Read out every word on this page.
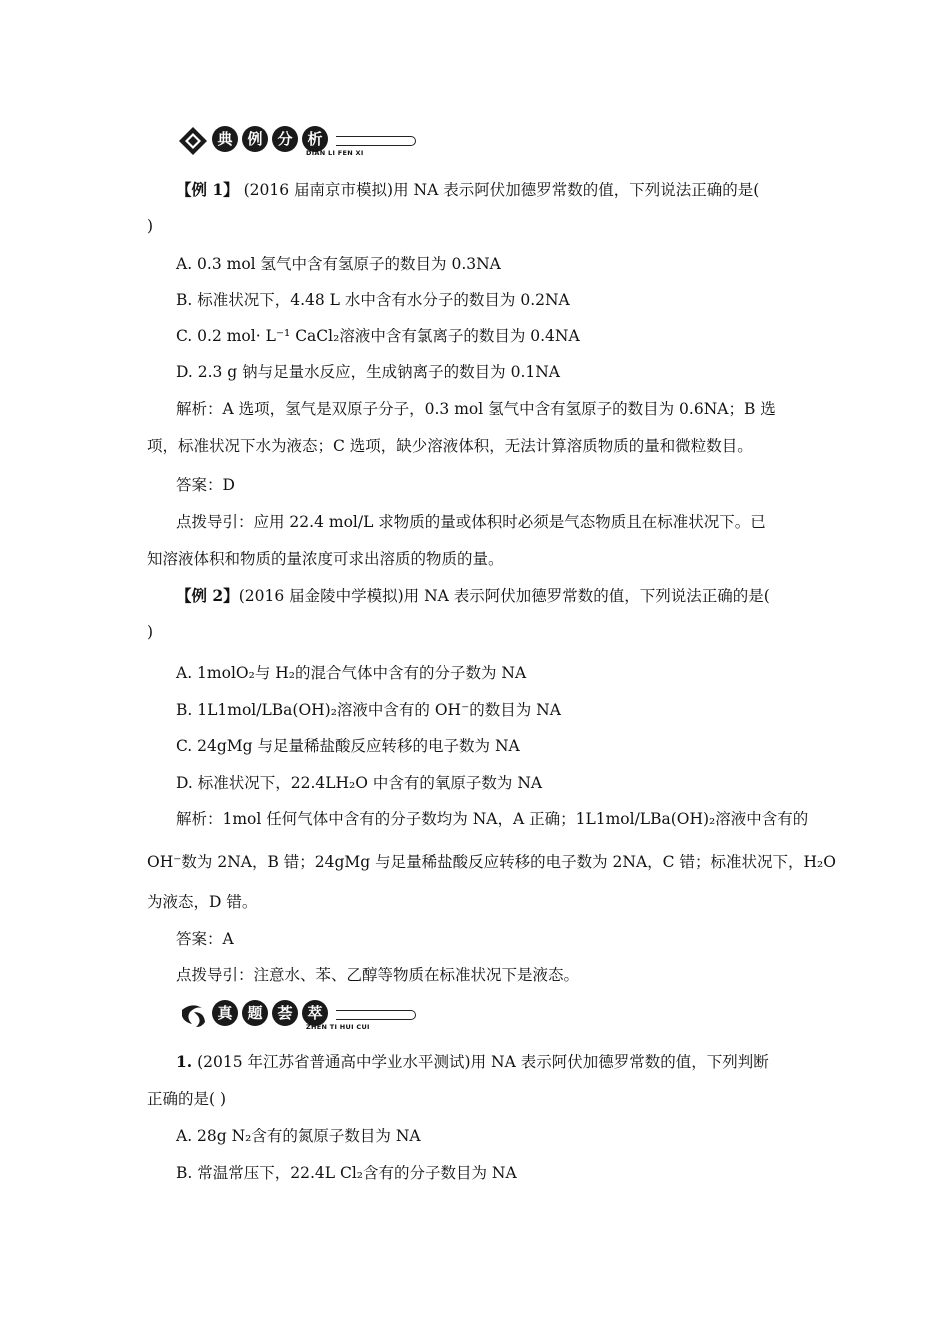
典 例 分 析
DIAN LI FEN XI
【例 1】 (2016 届南京市模拟)用 NA 表示阿伏加德罗常数的值，下列说法正确的是(
)
A. 0.3 mol 氢气中含有氢原子的数目为 0.3NA
B. 标准状况下，4.48 L 水中含有水分子的数目为 0.2NA
C. 0.2 mol· L⁻¹ CaCl₂溶液中含有氯离子的数目为 0.4NA
D. 2.3 g 钠与足量水反应，生成钠离子的数目为 0.1NA
解析：A 选项，氢气是双原子分子，0.3 mol 氢气中含有氢原子的数目为 0.6NA；B 选
项，标准状况下水为液态；C 选项，缺少溶液体积，无法计算溶质物质的量和微粒数目。
答案：D
点拨导引：应用 22.4 mol/L 求物质的量或体积时必须是气态物质且在标准状况下。已
知溶液体积和物质的量浓度可求出溶质的物质的量。
【例 2】(2016 届金陵中学模拟)用 NA 表示阿伏加德罗常数的值，下列说法正确的是(
)
A. 1molO₂与 H₂的混合气体中含有的分子数为 NA
B. 1L1mol/LBa(OH)₂溶液中含有的 OH⁻的数目为 NA
C. 24gMg 与足量稀盐酸反应转移的电子数为 NA
D. 标准状况下，22.4LH₂O 中含有的氧原子数为 NA
解析：1mol 任何气体中含有的分子数均为 NA，A 正确；1L1mol/LBa(OH)₂溶液中含有的
OH⁻数为 2NA，B 错；24gMg 与足量稀盐酸反应转移的电子数为 2NA，C 错；标准状况下，H₂O
为液态，D 错。
答案：A
点拨导引：注意水、苯、乙醇等物质在标准状况下是液态。
真 题 荟 萃
ZHEN TI HUI CUI
1. (2015 年江苏省普通高中学业水平测试)用 NA 表示阿伏加德罗常数的值，下列判断
正确的是( )
A. 28g N₂含有的氮原子数目为 NA
B. 常温常压下，22.4L Cl₂含有的分子数目为 NA
